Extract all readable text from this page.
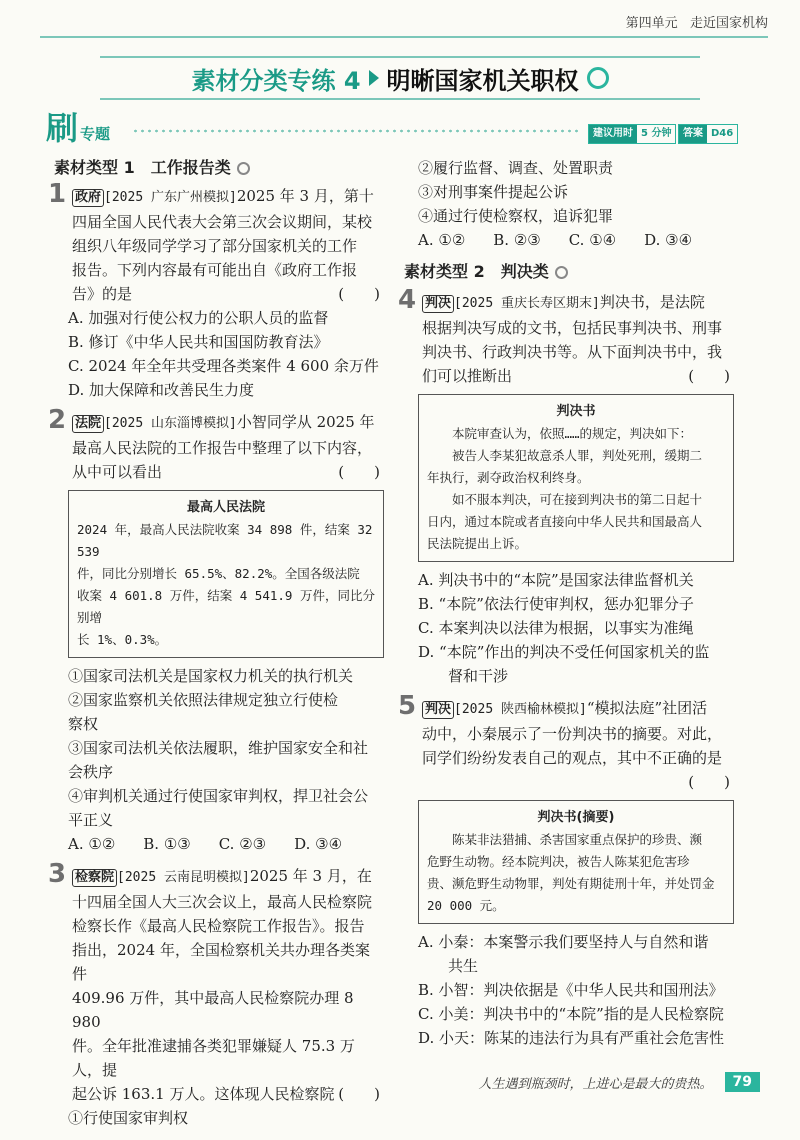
第四单元 走近国家机构
素材分类专练 4 明晰国家机关职权
刷 专题	建议用时 5 分钟	答案 D46
素材类型 1　工作报告类
1 政府 [2025 广东广州模拟]2025 年 3 月，第十

四届全国人民代表大会第三次会议期间，某校

组织八年级同学学习了部分国家机关的工作

报告。下列内容最有可能出自《政府工作报

告》的是	(　　)

A. 加强对行使公权力的公职人员的监督

B. 修订《中华人民共和国国防教育法》

C. 2024 年全年共受理各类案件 4 600 余万件

D. 加大保障和改善民生力度

2 法院 [2025 山东淄博模拟]小智同学从 2025 年

最高人民法院的工作报告中整理了以下内容，

从中可以看出	(　　)

最高人民法院
2024 年，最高人民法院收案 34 898 件，结案 32 539
件，同比分别增长 65.5%、82.2%。全国各级法院
收案 4 601.8 万件，结案 4 541.9 万件，同比分别增
长 1%、0.3%。

①国家司法机关是国家权力机关的执行机关

②国家监察机关依照法律规定独立行使检

察权

③国家司法机关依法履职，维护国家安全和社

会秩序

④审判机关通过行使国家审判权，捍卫社会公

平正义

A. ①② B. ①③ C. ②③ D. ③④
3 检察院 [2025 云南昆明模拟]2025 年 3 月，在

十四届全国人大三次会议上，最高人民检察院

检察长作《最高人民检察院工作报告》。报告

指出，2024 年，全国检察机关共办理各类案件

409.96 万件，其中最高人民检察院办理 8 980

件。全年批准逮捕各类犯罪嫌疑人 75.3 万人，提

起公诉 163.1 万人。这体现人民检察院 (　　)

①行使国家审判权

②履行监督、调查、处置职责

③对刑事案件提起公诉

④通过行使检察权，追诉犯罪

A. ①② B. ②③ C. ①④ D. ③④
素材类型 2　判决类
4 判决 [2025 重庆长寿区期末]判决书，是法院

根据判决写成的文书，包括民事判决书、刑事

判决书、行政判决书等。从下面判决书中，我

们可以推断出	(　　)

判决书
本院审查认为，依照……的规定，判决如下：
被告人李某犯故意杀人罪，判处死刑，缓期二
年执行，剥夺政治权利终身。
如不服本判决，可在接到判决书的第二日起十
日内，通过本院或者直接向中华人民共和国最高人
民法院提出上诉。

A. 判决书中的“本院”是国家法律监督机关

B. “本院”依法行使审判权，惩办犯罪分子

C. 本案判决以法律为根据，以事实为准绳

D. “本院”作出的判决不受任何国家机关的监

督和干涉

5 判决 [2025 陕西榆林模拟]“模拟法庭”社团活

动中，小秦展示了一份判决书的摘要。对此，

同学们纷纷发表自己的观点，其中不正确的是

(　　)

判决书(摘要)
陈某非法猎捕、杀害国家重点保护的珍贵、濒
危野生动物。经本院判决，被告人陈某犯危害珍
贵、濒危野生动物罪，判处有期徒刑十年，并处罚金
20 000 元。

A. 小秦：本案警示我们要坚持人与自然和谐

共生

B. 小智：判决依据是《中华人民共和国刑法》

C. 小美：判决书中的“本院”指的是人民检察院

D. 小天：陈某的违法行为具有严重社会危害性

人生遇到瓶颈时，上进心是最大的贵热。	79
